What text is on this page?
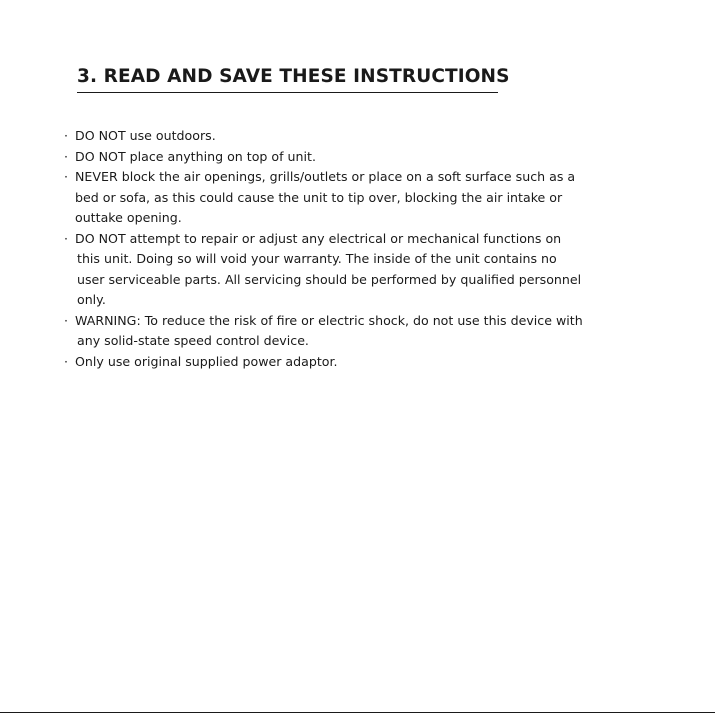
3. READ AND SAVE THESE INSTRUCTIONS
· DO NOT use outdoors.
· DO NOT place anything on top of unit.
· NEVER block the air openings, grills/outlets or place on a soft surface such as a
bed or sofa, as this could cause the unit to tip over, blocking the air intake or
outtake opening.
· DO NOT attempt to repair or adjust any electrical or mechanical functions on
this unit. Doing so will void your warranty. The inside of the unit contains no
user serviceable parts. All servicing should be performed by qualified personnel
only.
· WARNING: To reduce the risk of fire or electric shock, do not use this device with
any solid-state speed control device.
· Only use original supplied power adaptor.
